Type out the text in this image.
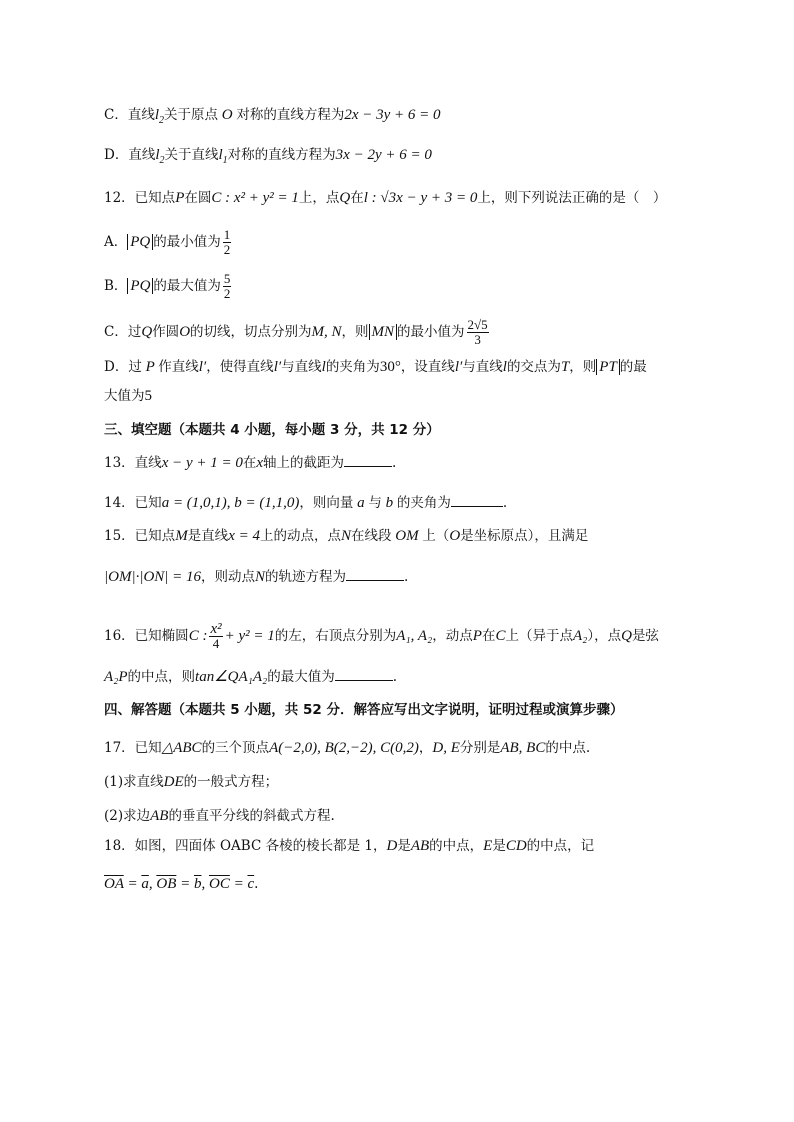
C．直线$l_2$关于原点 O 对称的直线方程为2x − 3y + 6 = 0
D．直线$l_2$关于直线$l_1$对称的直线方程为3x − 2y + 6 = 0
12．已知点P在圆C : x² + y² = 1上，点Q在l : √3x − y + 3 = 0上，则下列说法正确的是（　）
A． PQ 的最小值为 $\frac{1}{2}$
B． PQ 的最大值为 $\frac{5}{2}$
C．过Q作圆O的切线，切点分别为M, N，则 MN 的最小值为 $\frac{2√5}{3}$
D．过 P 作直线l′，使得直线l′与直线l的夹角为30°，设直线l′与直线l的交点为T，则 PT 的最
大值为5
三、填空题（本题共 4 小题，每小题 3 分，共 12 分）
13．直线x − y + 1 = 0在x轴上的截距为	.
14．已知a = (1,0,1), b = (1,1,0)，则向量 a 与 b 的夹角为	.
15．已知点M是直线x = 4上的动点，点N在线段 OM 上（O是坐标原点），且满足
|OM|·|ON| = 16，则动点N的轨迹方程为	.
16．已知椭圆C : $\frac{\text{x²}}{4} + y^2 = 1$的左，右顶点分别为A₁, A₂，动点P在C上（异于点A₂），点Q是弦
A₂P的中点，则tan∠QA₁A₂的最大值为	.
四、解答题（本题共 5 小题，共 52 分．解答应写出文字说明，证明过程或演算步骤）
17．已知△ABC的三个顶点A(−2,0), B(2,−2), C(0,2)，D, E分别是AB, BC的中点.
(1)求直线DE的一般式方程；
(2)求边AB的垂直平分线的斜截式方程.
18．如图，四面体 OABC 各棱的棱长都是 1，D是AB的中点，E是CD的中点，记
$\overline{OA} = \overline{a}$, $\overline{OB} = \overline{b}$, $\overline{OC} = \overline{c}$.
